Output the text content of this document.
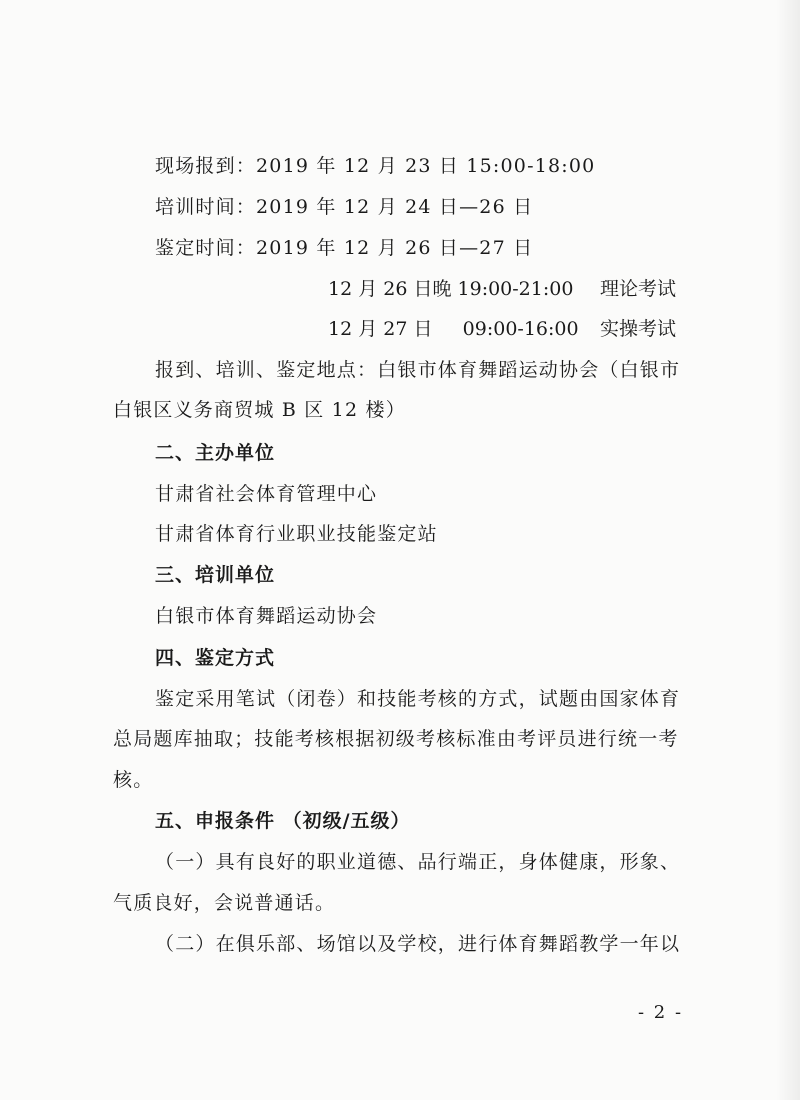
现场报到：2019 年 12 月 23 日 15:00-18:00
培训时间：2019 年 12 月 24 日—26 日
鉴定时间：2019 年 12 月 26 日—27 日
12 月 26 日晚 19:00-21:00 理论考试
12 月 27 日     09:00-16:00 实操考试
报到、培训、鉴定地点：白银市体育舞蹈运动协会（白银市
白银区义务商贸城 B 区 12 楼）
二、主办单位
甘肃省社会体育管理中心
甘肃省体育行业职业技能鉴定站
三、培训单位
白银市体育舞蹈运动协会
四、鉴定方式
鉴定采用笔试（闭卷）和技能考核的方式，试题由国家体育
总局题库抽取；技能考核根据初级考核标准由考评员进行统一考
核。
五、申报条件 （初级/五级）
（一）具有良好的职业道德、品行端正，身体健康，形象、
气质良好，会说普通话。
（二）在俱乐部、场馆以及学校，进行体育舞蹈教学一年以
- 2 -
